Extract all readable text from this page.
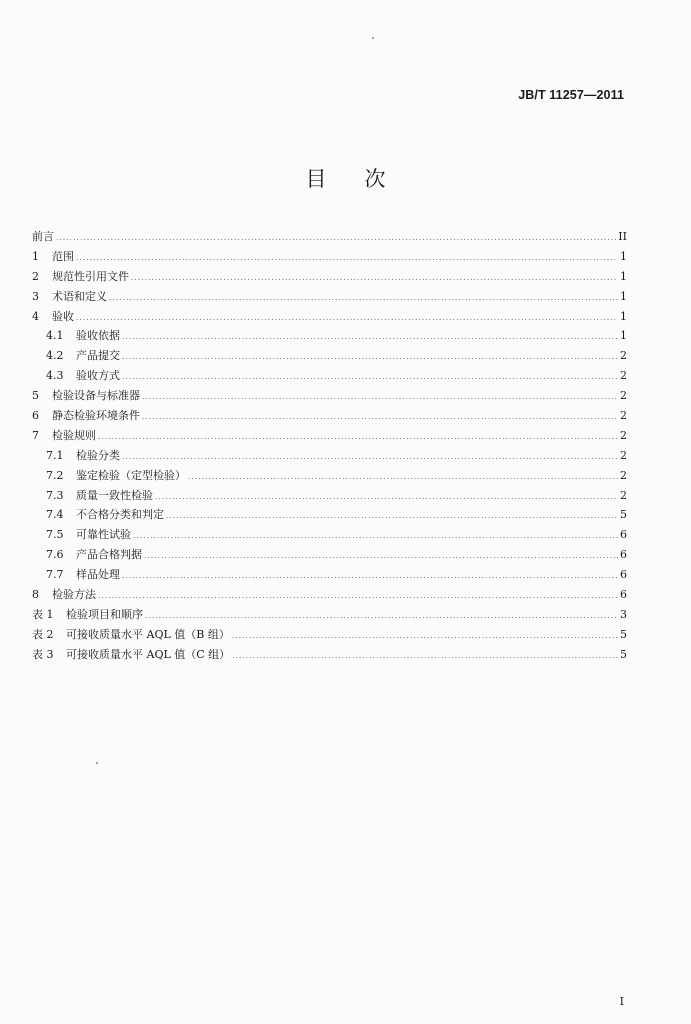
JB/T 11257—2011
目次
前言 .....	II
1	范围 .....	1
2	规范性引用文件 .....	1
3	术语和定义 .....	1
4	验收 .....	1
4.1	验收依据 .....	1
4.2	产品提交 .....	2
4.3	验收方式 .....	2
5	检验设备与标准器 .....	2
6	静态检验环境条件 .....	2
7	检验规则 .....	2
7.1	检验分类 .....	2
7.2	鉴定检验（定型检验） .....	2
7.3	质量一致性检验 .....	2
7.4	不合格分类和判定 .....	5
7.5	可靠性试验 .....	6
7.6	产品合格判据 .....	6
7.7	样品处理 .....	6
8	检验方法 .....	6
表 1	检验项目和顺序 .....	3
表 2	可接收质量水平 AQL 值（B 组） .....	5
表 3	可接收质量水平 AQL 值（C 组） .....	5
I
